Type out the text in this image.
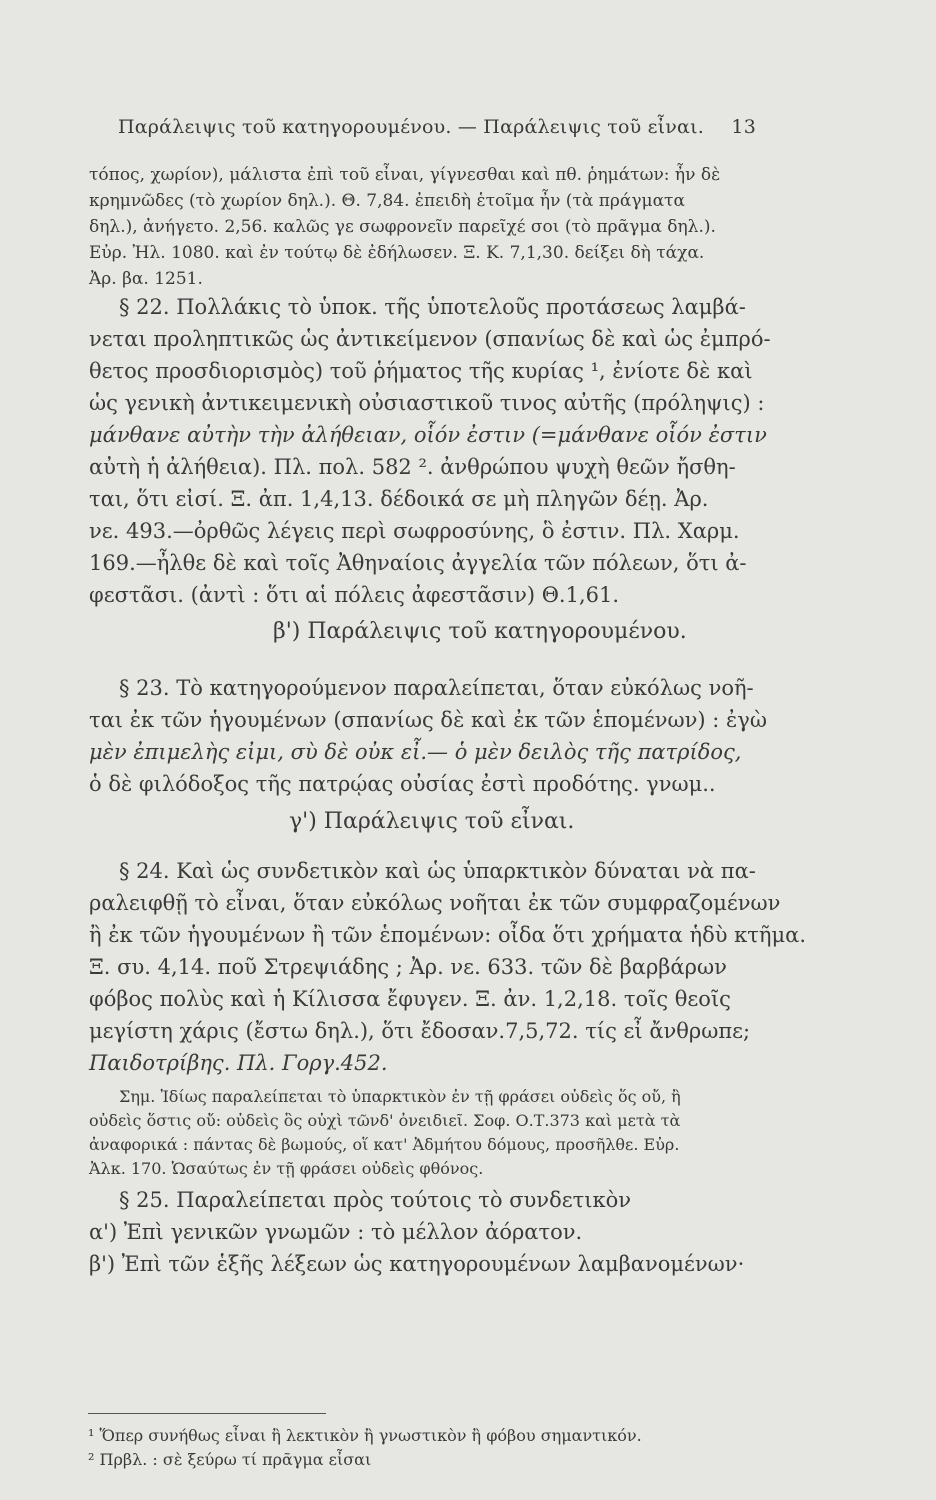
Παράλειψις τοῦ κατηγορουμένου. — Παράλειψις τοῦ εἶναι. 13

τόπος, χωρίον), μάλιστα ἐπὶ τοῦ εἶναι, γίγνεσθαι καὶ πθ. ῥημάτων: ἦν δὲ

κρημνῶδες (τὸ χωρίον δηλ.). Θ. 7,84. ἐπειδὴ ἑτοῖμα ἦν (τὰ πράγματα

δηλ.), ἀνήγετο. 2,56. καλῶς γε σωφρονεῖν παρεῖχέ σοι (τὸ πρᾶγμα δηλ.).

Εὐρ. Ἠλ. 1080. καὶ ἐν τούτῳ δὲ ἐδήλωσεν. Ξ. Κ. 7,1,30. δείξει δὴ τάχα.

Ἀρ. βα. 1251.

§ 22. Πολλάκις τὸ ὑποκ. τῆς ὑποτελοῦς προτάσεως λαμβά-

νεται προληπτικῶς ὡς ἀντικείμενον (σπανίως δὲ καὶ ὡς ἐμπρό-

θετος προσδιορισμὸς) τοῦ ῥήματος τῆς κυρίας ¹, ἐνίοτε δὲ καὶ

ὡς γενικὴ ἀντικειμενικὴ οὐσιαστικοῦ τινος αὐτῆς (πρόληψις) :

μάνθανε αὐτὴν τὴν ἀλήθειαν, οἷόν ἐστιν (=μάνθανε οἷόν ἐστιν

αὐτὴ ἡ ἀλήθεια). Πλ. πολ. 582 ². ἀνθρώπου ψυχὴ θεῶν ἤσθη-

ται, ὅτι εἰσί. Ξ. ἀπ. 1,4,13. δέδοικά σε μὴ πληγῶν δέῃ. Ἀρ.

νε. 493.—ὀρθῶς λέγεις περὶ σωφροσύνης, ὃ ἐστιν. Πλ. Χαρμ.

169.—ἦλθε δὲ καὶ τοῖς Ἀθηναίοις ἀγγελία τῶν πόλεων, ὅτι ἀ-

φεστᾶσι. (ἀντὶ : ὅτι αἱ πόλεις ἀφεστᾶσιν) Θ.1,61.

β') Παράλειψις τοῦ κατηγορουμένου.

§ 23. Τὸ κατηγορούμενον παραλείπεται, ὅταν εὐκόλως νοῆ-

ται ἐκ τῶν ἡγουμένων (σπανίως δὲ καὶ ἐκ τῶν ἑπομένων) : ἐγὼ

μὲν ἐπιμελὴς εἰμι, σὺ δὲ οὐκ εἶ.— ὁ μὲν δειλὸς τῆς πατρίδος,

ὁ δὲ φιλόδοξος τῆς πατρῴας οὐσίας ἐστὶ προδότης. γνωμ..

γ') Παράλειψις τοῦ εἶναι.

§ 24. Καὶ ὡς συνδετικὸν καὶ ὡς ὑπαρκτικὸν δύναται νὰ πα-

ραλειφθῇ τὸ εἶναι, ὅταν εὐκόλως νοῆται ἐκ τῶν συμφραζομένων

ἢ ἐκ τῶν ἡγουμένων ἢ τῶν ἑπομένων: οἶδα ὅτι χρήματα ἡδὺ κτῆμα.

Ξ. συ. 4,14. ποῦ Στρεψιάδης ; Ἀρ. νε. 633. τῶν δὲ βαρβάρων

φόβος πολὺς καὶ ἡ Κίλισσα ἔφυγεν. Ξ. ἀν. 1,2,18. τοῖς θεοῖς

μεγίστη χάρις (ἔστω δηλ.), ὅτι ἔδοσαν.7,5,72. τίς εἶ ἄνθρωπε;

Παιδοτρίβης. Πλ. Γοργ.452.

Σημ. Ἰδίως παραλείπεται τὸ ὑπαρκτικὸν ἐν τῇ φράσει οὐδεὶς ὅς οὔ, ἢ

οὐδεὶς ὅστις οὔ: οὐδεὶς ὃς οὐχὶ τῶνδ' ὀνειδιεῖ. Σοφ. Ο.Τ.373 καὶ μετὰ τὰ

ἀναφορικά : πάντας δὲ βωμούς, οἵ κατ' Ἀδμήτου δόμους, προσῆλθε. Εὐρ.

Ἀλκ. 170. Ὡσαύτως ἐν τῇ φράσει οὐδεὶς φθόνος.

§ 25. Παραλείπεται πρὸς τούτοις τὸ συνδετικὸν

α') Ἐπὶ γενικῶν γνωμῶν : τὸ μέλλον ἀόρατον.

β') Ἐπὶ τῶν ἑξῆς λέξεων ὡς κατηγορουμένων λαμβανομένων·

¹ Ὅπερ συνήθως εἶναι ἢ λεκτικὸν ἢ γνωστικὸν ἢ φόβου σημαντικόν.
² Πρβλ. : σὲ ξεύρω τί πρᾶγμα εἶσαι
